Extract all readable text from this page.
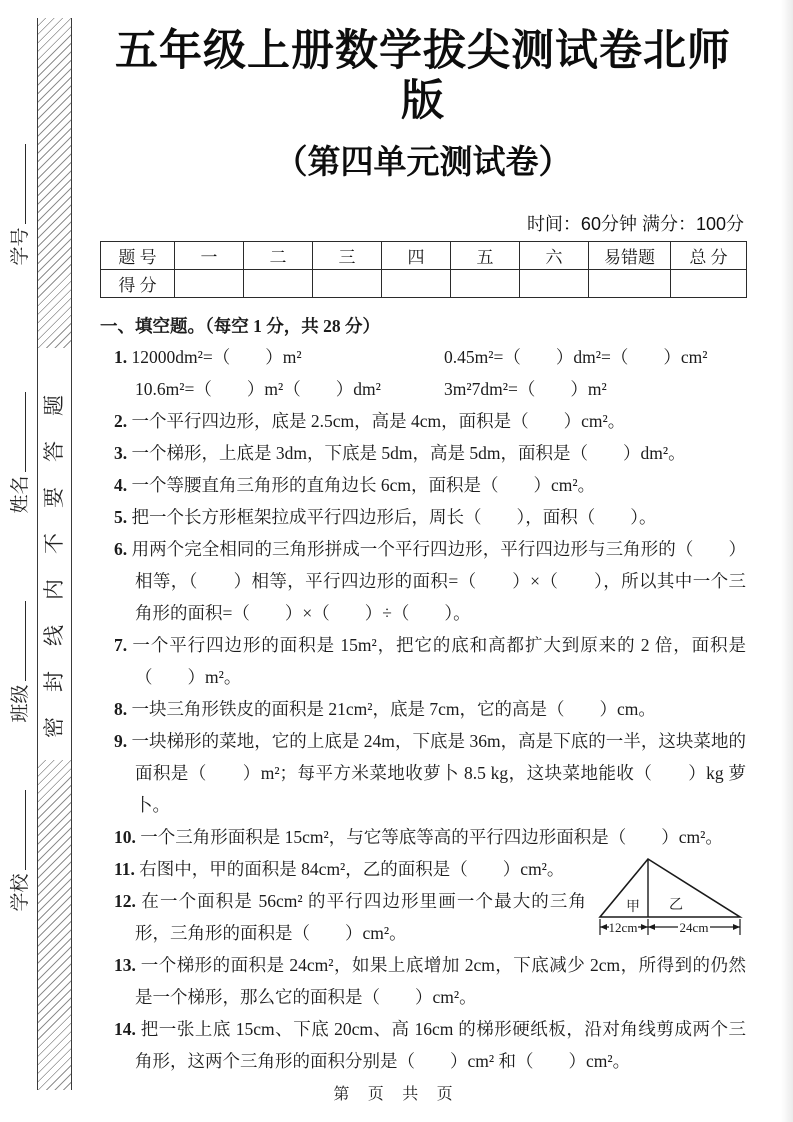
密封线内不要答题
学号
姓名
班级
学校
五年级上册数学拔尖测试卷北师版
（第四单元测试卷）
时间：60分钟 满分：100分
题 号	一	二	三	四	五	六	易错题	总 分
得 分								
一、填空题。（每空 1 分，共 28 分）
1. 12000dm²=（　　）m²	0.45m²=（　　）dm²=（　　）cm²
10.6m²=（　　）m²（　　）dm²	3m²7dm²=（　　）m²

2. 一个平行四边形，底是 2.5cm，高是 4cm，面积是（　　）cm²。

3. 一个梯形，上底是 3dm，下底是 5dm，高是 5dm，面积是（　　）dm²。

4. 一个等腰直角三角形的直角边长 6cm，面积是（　　）cm²。

5. 把一个长方形框架拉成平行四边形后，周长（　　），面积（　　）。

6. 用两个完全相同的三角形拼成一个平行四边形，平行四边形与三角形的（　　）相等，（　　）相等，平行四边形的面积=（　　）×（　　），所以其中一个三角形的面积=（　　）×（　　）÷（　　）。

7. 一个平行四边形的面积是 15m²，把它的底和高都扩大到原来的 2 倍，面积是（　　）m²。

8. 一块三角形铁皮的面积是 21cm²，底是 7cm，它的高是（　　）cm。

9. 一块梯形的菜地，它的上底是 24m，下底是 36m，高是下底的一半，这块菜地的面积是（　　）m²；每平方米菜地收萝卜 8.5 kg，这块菜地能收（　　）kg 萝卜。

10. 一个三角形面积是 15cm²，与它等底等高的平行四边形面积是（　　）cm²。

甲 乙
12cm	24cm

11. 右图中，甲的面积是 84cm²，乙的面积是（　　）cm²。

12. 在一个面积是 56cm² 的平行四边形里画一个最大的三角形，三角形的面积是（　　）cm²。

13. 一个梯形的面积是 24cm²，如果上底增加 2cm，下底减少 2cm，所得到的仍然是一个梯形，那么它的面积是（　　）cm²。

14. 把一张上底 15cm、下底 20cm、高 16cm 的梯形硬纸板，沿对角线剪成两个三角形，这两个三角形的面积分别是（　　）cm² 和（　　）cm²。

第 页 共 页
